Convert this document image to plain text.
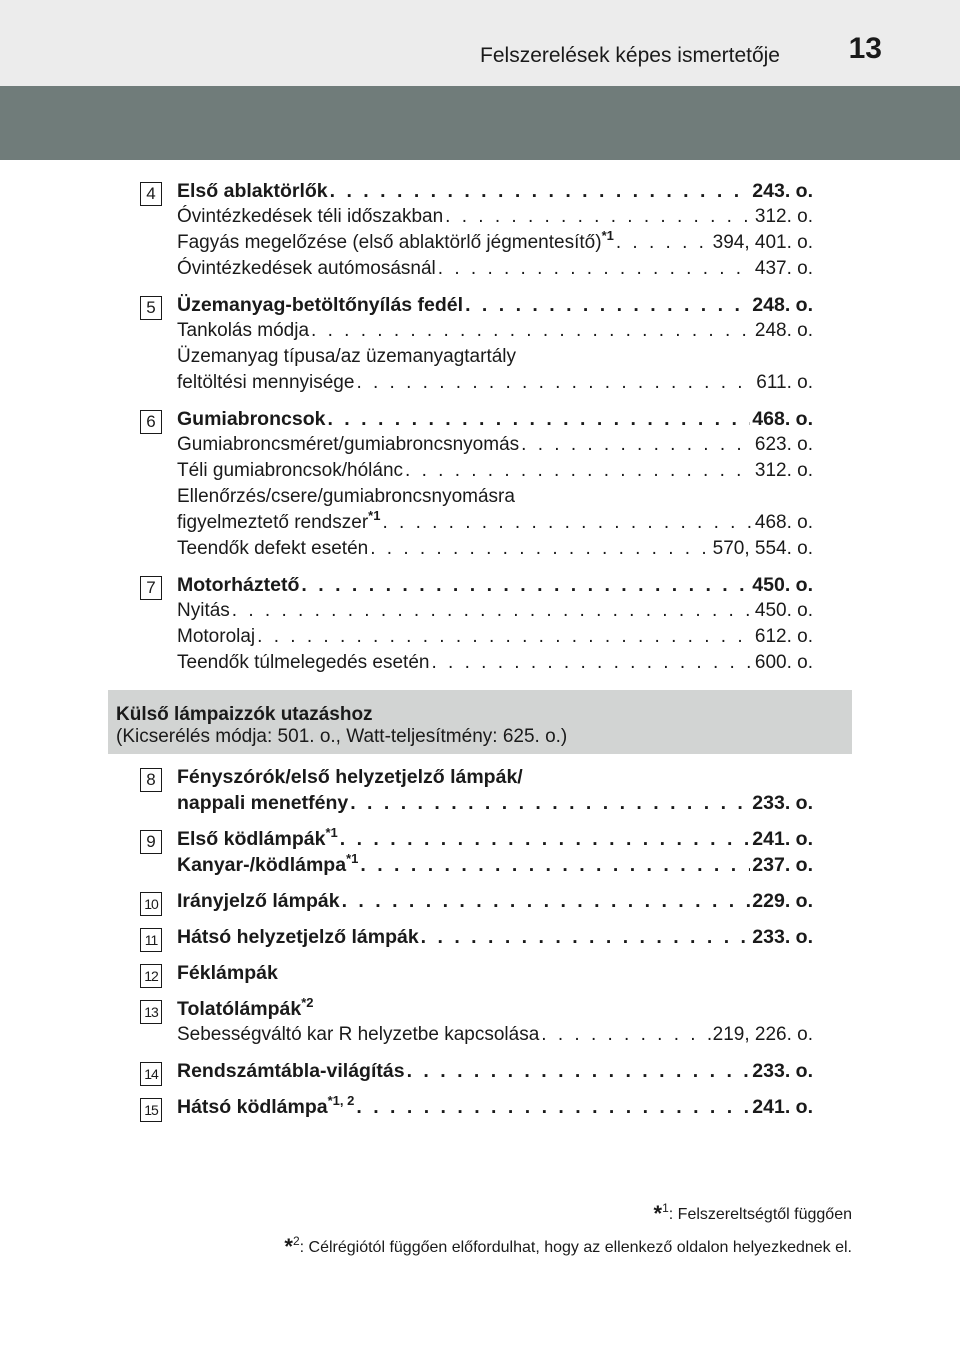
Felszerelések képes ismertetője 13
4	Első ablaktörlők . . .	243. o.
Óvintézkedések téli időszakban . . .	312. o.
Fagyás megelőzése (első ablaktörlő jégmentesítő)$^{*1}$ . . .	394, 401. o.
Óvintézkedések autómosásnál . . .	437. o.
5	Üzemanyag-betöltőnyílás fedél . . .	248. o.
Tankolás módja . . .	248. o.
Üzemanyag típusa/az üzemanyagtartály
feltöltési mennyisége . . .	611. o.
6	Gumiabroncsok . . .	468. o.
Gumiabroncsméret/gumiabroncsnyomás . . .	623. o.
Téli gumiabroncsok/hólánc . . .	312. o.
Ellenőrzés/csere/gumiabroncsnyomásra
figyelmeztető rendszer$^{*1}$ . . .	468. o.
Teendők defekt esetén . . .	570, 554. o.
7	Motorháztető . . .	450. o.
Nyitás . . .	450. o.
Motorolaj . . .	612. o.
Teendők túlmelegedés esetén . . .	600. o.
Külső lámpaizzók utazáshoz
(Kicserélés módja: 501. o., Watt-teljesítmény: 625. o.)
8	Fényszórók/első helyzetjelző lámpák/
nappali menetfény . . .	233. o.
9	Első ködlámpák$^{*1}$ . . .	241. o.
Kanyar-/ködlámpa$^{*1}$ . . .	237. o.
10 Irányjelző lámpák . . .	229. o.
11 Hátsó helyzetjelző lámpák . . .	233. o.
12 Féklámpák
13 Tolatólámpák$^{*2}$
Sebességváltó kar R helyzetbe kapcsolása . . .	219, 226. o.
14 Rendszámtábla-világítás . . .	233. o.
15 Hátsó ködlámpa$^{*1, 2}$ . . .	241. o.
*$^1$: Felszereltségtől függően
*$^2$: Célrégiótól függően előfordulhat, hogy az ellenkező oldalon helyezkednek el.
